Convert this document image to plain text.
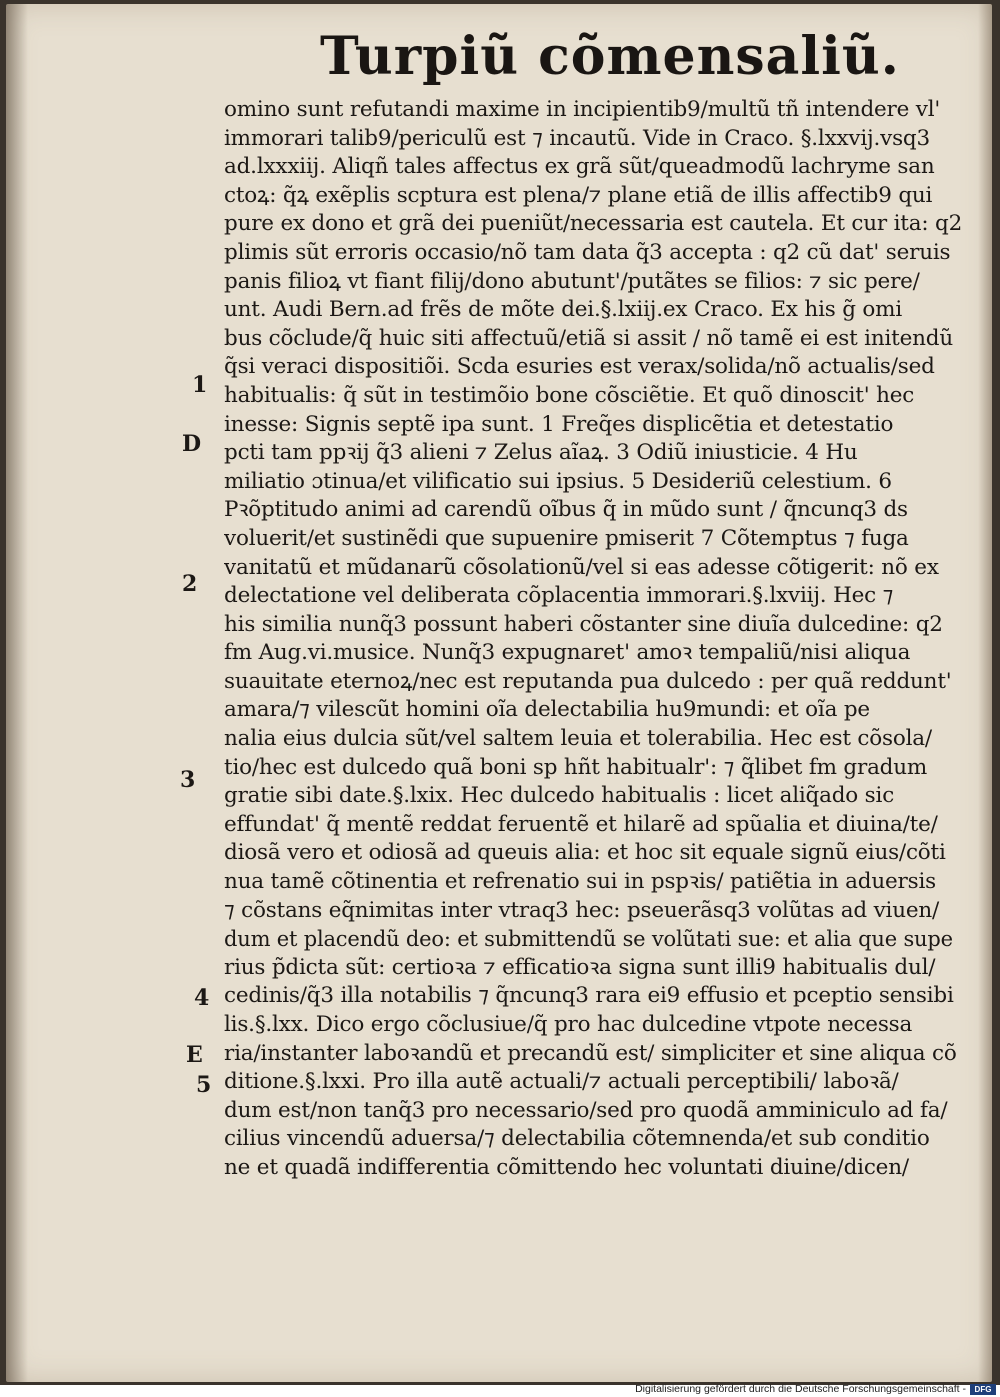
Turpiũ cõmensaliũ.
omino sunt refutandi maxime in incipientib9/multũ tñ intendere vl'
immorari talib9/periculũ est ⁊ incautũ. Vide in Craco. §.lxxvij.vsq3
ad.lxxxiij. Aliqñ tales affectus ex grã sũt/queadmodũ lachryme san
ctoꝝ: q̃ꝝ exẽplis scptura est plena/⁊ plane etiã de illis affectib9 qui
pure ex dono et grã dei pueniũt/necessaria est cautela. Et cur ita: q2
plimis sũt erroris occasio/nõ tam data q̃3 accepta : q2 cũ dat' seruis
panis filioꝝ vt fiant filij/dono abutunt'/putãtes se filios: ⁊ sic pere/
unt. Audi Bern.ad frẽs de mõte dei.§.lxiij.ex Craco. Ex his g̃ omi
bus cõclude/q̃ huic siti affectuũ/etiã si assit / nõ tamẽ ei est initendũ
q̃si veraci dispositiõi. Scda esuries est verax/solida/nõ actualis/sed
habitualis: q̃ sũt in testimõio bone cõsciẽtie. Et quõ dinoscit' hec
inesse: Signis septẽ ipa sunt. 1 Freq̃es displicẽtia et detestatio
pcti tam ppꝛij q̃3 alieni ⁊ Zelus aĩaꝝ. 3 Odiũ iniusticie. 4 Hu
miliatio ɔtinua/et vilificatio sui ipsius. 5 Desideriũ celestium. 6
Pꝛõptitudo animi ad carendũ oĩbus q̃ in mũdo sunt / q̃ncunq3 ds
voluerit/et sustinẽdi que supuenire pmiserit 7 Cõtemptus ⁊ fuga
vanitatũ et mũdanarũ cõsolationũ/vel si eas adesse cõtigerit: nõ ex
delectatione vel deliberata cõplacentia immorari.§.lxviij. Hec ⁊
his similia nunq̃3 possunt haberi cõstanter sine diuĩa dulcedine: q2
fm Aug.vi.musice. Nunq̃3 expugnaret' amoꝛ tempaliũ/nisi aliqua
suauitate eternoꝝ/nec est reputanda pua dulcedo : per quã reddunt'
amara/⁊ vilescũt homini oĩa delectabilia hu9mundi: et oĩa pe
nalia eius dulcia sũt/vel saltem leuia et tolerabilia. Hec est cõsola/
tio/hec est dulcedo quã boni sp hñt habitualr': ⁊ q̃libet fm gradum
gratie sibi date.§.lxix. Hec dulcedo habitualis : licet aliq̃ado sic
effundat' q̃ mentẽ reddat feruentẽ et hilarẽ ad spũalia et diuina/te/
diosã vero et odiosã ad queuis alia: et hoc sit equale signũ eius/cõti
nua tamẽ cõtinentia et refrenatio sui in pspꝛis/ patiẽtia in aduersis
⁊ cõstans eq̃nimitas inter vtraq3 hec: pseuerãsq3 volũtas ad viuen/
dum et placendũ deo: et submittendũ se volũtati sue: et alia que supe
rius p̃dicta sũt: certioꝛa ⁊ efficatioꝛa signa sunt illi9 habitualis dul/
cedinis/q̃3 illa notabilis ⁊ q̃ncunq3 rara ei9 effusio et pceptio sensibi
lis.§.lxx. Dico ergo cõclusiue/q̃ pro hac dulcedine vtpote necessa
ria/instanter laboꝛandũ et precandũ est/ simpliciter et sine aliqua cõ
ditione.§.lxxi. Pro illa autẽ actuali/⁊ actuali perceptibili/ laboꝛã/
dum est/non tanq̃3 pro necessario/sed pro quodã amminiculo ad fa/
cilius vincendũ aduersa/⁊ delectabilia cõtemnenda/et sub conditio
ne et quadã indifferentia cõmittendo hec voluntati diuine/dicen/
1
D
2
3
4
E
5
Digitalisierung gefördert durch die Deutsche Forschungsgemeinschaft -	DFG
